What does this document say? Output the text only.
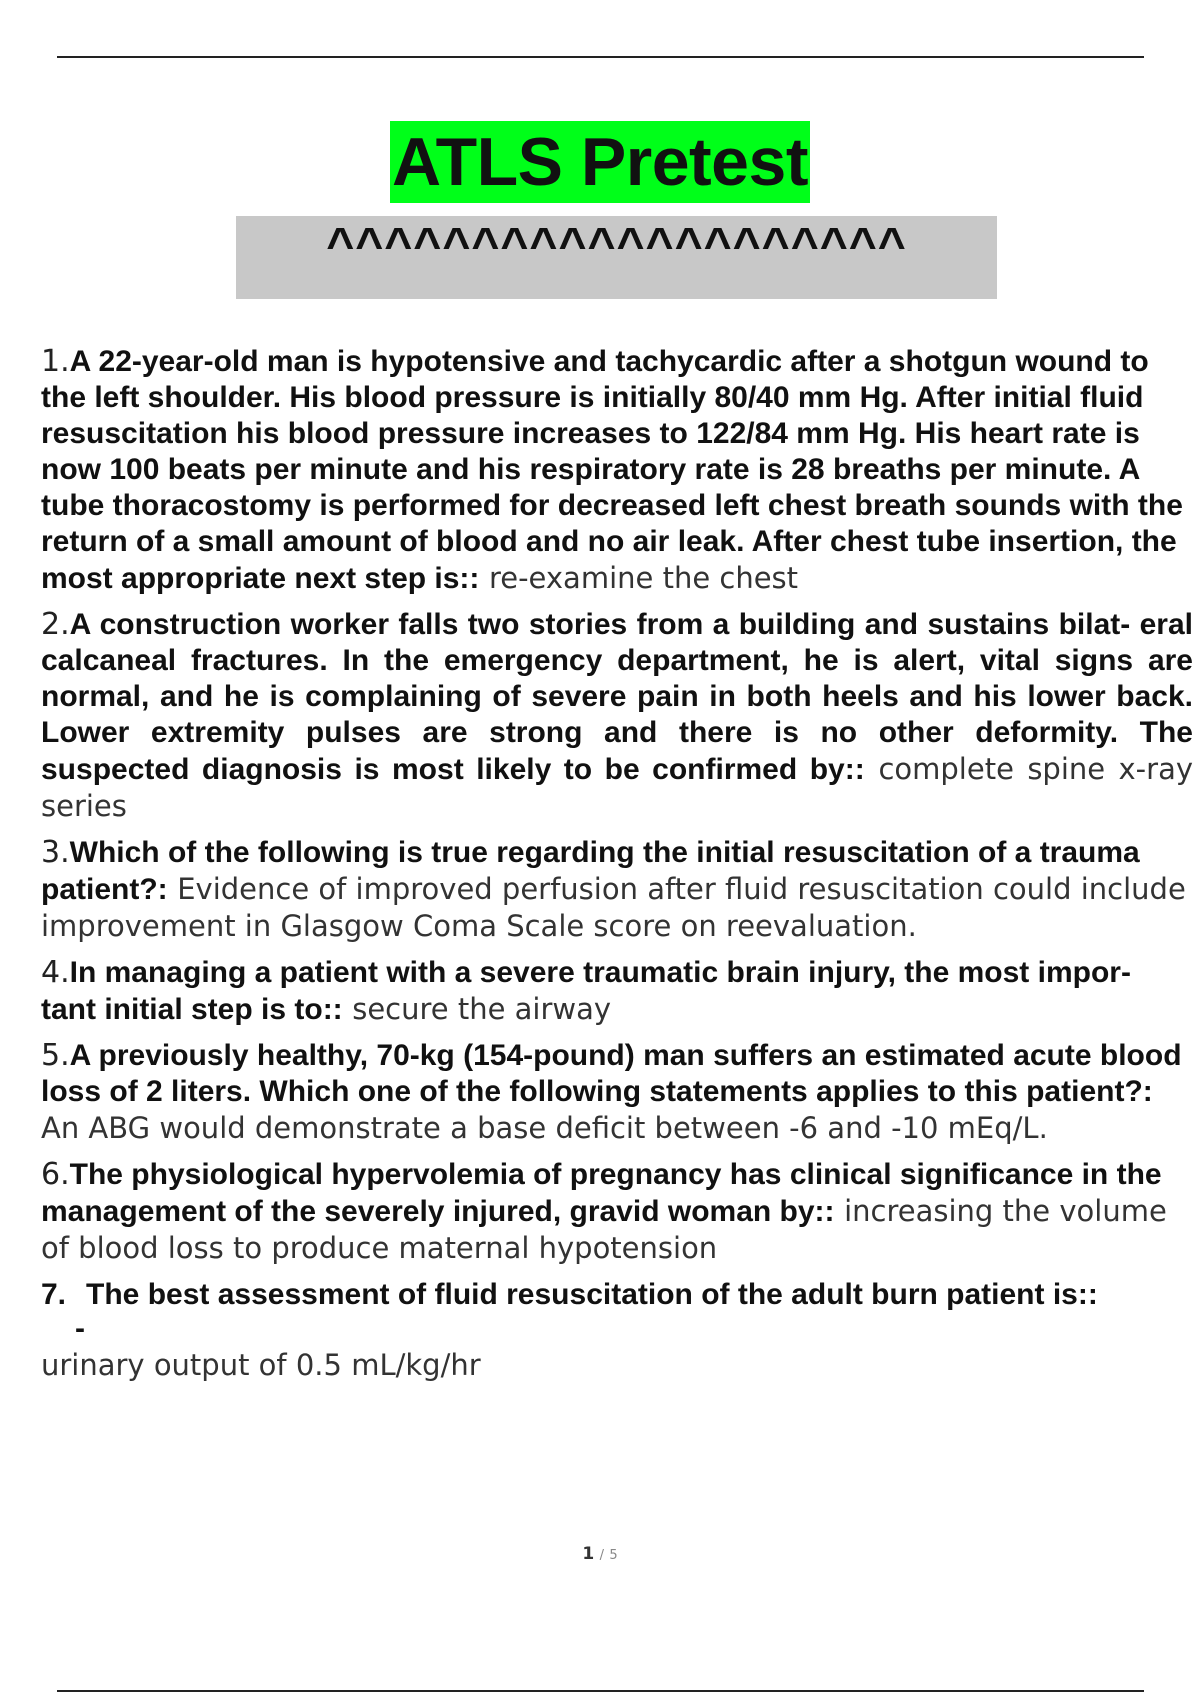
ATLS Pretest
^^^^^^^^^^^^^^^^^^^^

1.A 22-year-old man is hypotensive and tachycardic after a shotgun wound to the left shoulder. His blood pressure is initially 80/40 mm Hg. After initial fluid resuscitation his blood pressure increases to 122/84 mm Hg. His heart rate is now 100 beats per minute and his respiratory rate is 28 breaths per minute. A tube thoracostomy is performed for decreased left chest breath sounds with the return of a small amount of blood and no air leak. After chest tube insertion, the most appropriate next step is:: re-examine the chest

2.A construction worker falls two stories from a building and sustains bilat- eral calcaneal fractures. In the emergency department, he is alert, vital signs are normal, and he is complaining of severe pain in both heels and his lower back. Lower extremity pulses are strong and there is no other deformity. The suspected diagnosis is most likely to be confirmed by:: complete spine x-ray series

3.Which of the following is true regarding the initial resuscitation of a trauma patient?: Evidence of improved perfusion after fluid resuscitation could include improvement in Glasgow Coma Scale score on reevaluation.

4.In managing a patient with a severe traumatic brain injury, the most impor- tant initial step is to:: secure the airway

5.A previously healthy, 70-kg (154-pound) man suffers an estimated acute blood loss of 2 liters. Which one of the following statements applies to this patient?: An ABG would demonstrate a base deficit between -6 and -10 mEq/L.

6.The physiological hypervolemia of pregnancy has clinical significance in the management of the severely injured, gravid woman by:: increasing the volume of blood loss to produce maternal hypotension

7. The best assessment of fluid resuscitation of the adult burn patient is::
-
urinary output of 0.5 mL/kg/hr
1 / 5
